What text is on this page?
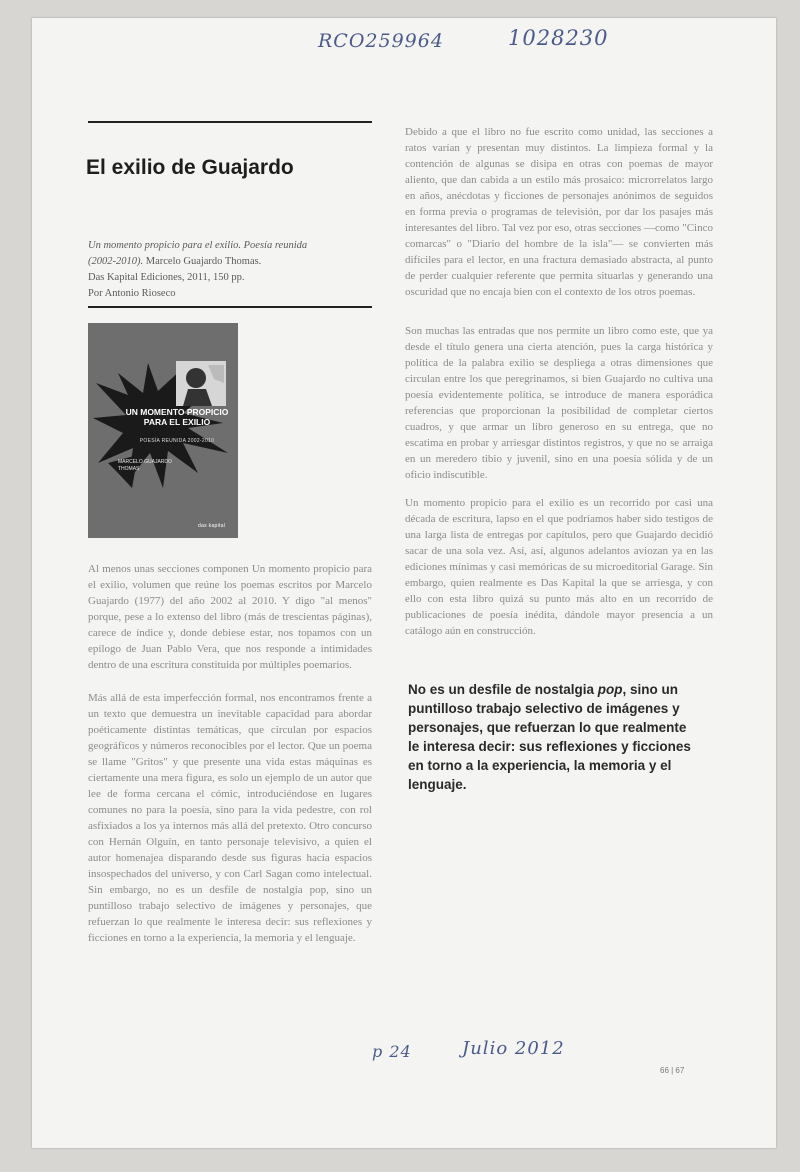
RCO259964	1028230
El exilio de Guajardo
Un momento propicio para el exilio. Poesía reunida
(2002-2010). Marcelo Guajardo Thomas.
Das Kapital Ediciones, 2011, 150 pp.
Por Antonio Rioseco
UN MOMENTO PROPICIO PARA EL EXILIO
POESÍA REUNIDA 2002-2010
MARCELO GUAJARDO THOMAS
das kapital

Al menos unas secciones componen Un momento propicio para el exilio, volumen que reúne los poemas escritos por Marcelo Guajardo (1977) del año 2002 al 2010. Y digo "al menos" porque, pese a lo extenso del libro (más de trescientas páginas), carece de índice y, donde debiese estar, nos topamos con un epílogo de Juan Pablo Vera, que nos responde a intimidades dentro de una escritura constituida por múltiples poemarios.

Más allá de esta imperfección formal, nos encontramos frente a un texto que demuestra un inevitable capacidad para abordar poéticamente distintas temáticas, que circulan por espacios geográficos y números reconocibles por el lector. Que un poema se llame "Gritos" y que presente una vida estas máquinas es ciertamente una mera figura, es solo un ejemplo de un autor que lee de forma cercana el cómic, introduciéndose en lugares comunes no para la poesía, sino para la vida pedestre, con rol asfixiados a los ya internos más allá del pretexto. Otro concurso con Hernán Olguín, en tanto personaje televisivo, a quien el autor homenajea disparando desde sus figuras hacia espacios insospechados del universo, y con Carl Sagan como intelectual. Sin embargo, no es un desfile de nostalgia pop, sino un puntilloso trabajo selectivo de imágenes y personajes, que refuerzan lo que realmente le interesa decir: sus reflexiones y ficciones en torno a la experiencia, la memoria y el lenguaje.

Debido a que el libro no fue escrito como unidad, las secciones a ratos varían y presentan muy distintos. La limpieza formal y la contención de algunas se disipa en otras con poemas de mayor aliento, que dan cabida a un estilo más prosaico: microrrelatos largo en años, anécdotas y ficciones de personajes anónimos de seguidos en forma previa o programas de televisión, por dar los pasajes más interesantes del libro. Tal vez por eso, otras secciones —como "Cinco comarcas" o "Diario del hombre de la isla"— se convierten más difíciles para el lector, en una fractura demasiado abstracta, al punto de perder cualquier referente que permita situarlas y generando una oscuridad que no encaja bien con el contexto de los otros poemas.

Son muchas las entradas que nos permite un libro como este, que ya desde el título genera una cierta atención, pues la carga histórica y política de la palabra exilio se despliega a otras dimensiones que circulan entre los que peregrinamos, si bien Guajardo no cultiva una poesía evidentemente política, se introduce de manera esporádica referencias que proporcionan la posibilidad de completar ciertos cuadros, y que armar un libro generoso en su entrega, que no escatima en probar y arriesgar distintos registros, y que no se arraiga en un meredero tibio y juvenil, sino en una poesía sólida y de un oficio indiscutible.

Un momento propicio para el exilio es un recorrido por casi una década de escritura, lapso en el que podríamos haber sido testigos de una larga lista de entregas por capítulos, pero que Guajardo decidió sacar de una sola vez. Así, así, algunos adelantos aviozan ya en las ediciones mínimas y casi memóricas de su microeditorial Garage. Sin embargo, quien realmente es Das Kapital la que se arriesga, y con ello con esta libro quizá su punto más alto en un recorrido de publicaciones de poesía inédita, dándole mayor presencia a un catálogo aún en construcción.

No es un desfile de nostalgia pop, sino un puntilloso trabajo selectivo de imágenes y personajes, que refuerzan lo que realmente le interesa decir: sus reflexiones y ficciones en torno a la experiencia, la memoria y el lenguaje.

p 24	Julio 2012
66 | 67
